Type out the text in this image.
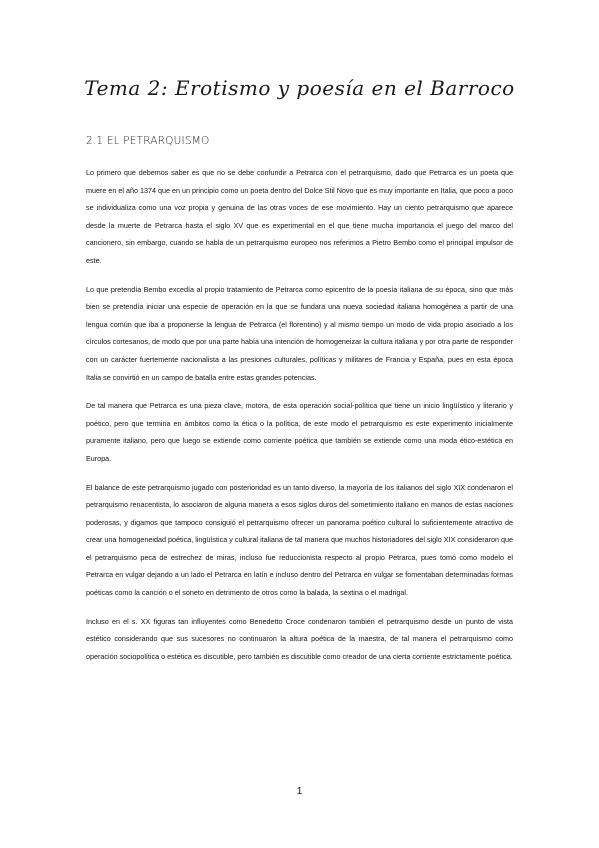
Tema 2: Erotismo y poesía en el Barroco
2.1 EL PETRARQUISMO

Lo primero que debemos saber es que no se debe confundir a Petrarca con el petrarquismo, dado que Petrarca es un poeta que muere en el año 1374 que en un principio como un poeta dentro del Dolce Stil Novo que es muy importante en Italia, que poco a poco se individualiza como una voz propia y genuina de las otras voces de ese movimiento. Hay un ciento petrarquismo que aparece desde la muerte de Petrarca hasta el siglo XV que es experimental en el que tiene mucha importancia el juego del marco del cancionero, sin embargo, cuando se habla de un petrarquismo europeo nos referimos a Pietro Bembo como el principal impulsor de este.

Lo que pretendía Bembo excedía al propio tratamiento de Petrarca como epicentro de la poesía italiana de su época, sino que más bien se pretendía iniciar una especie de operación en la que se fundara una nueva sociedad italiana homogénea a partir de una lengua común que iba a proponerse la lengua de Petrarca (el florentino) y al mismo tiempo un modo de vida propio asociado a los círculos cortesanos, de modo que por una parte había una intención de homogeneizar la cultura italiana y por otra parte de responder con un carácter fuertemente nacionalista a las presiones culturales, políticas y militares de Francia y España, pues en esta época Italia se convirtió en un campo de batalla entre estas grandes potencias.

De tal manera que Petrarca es una pieza clave, motora, de esta operación social-política que tiene un inicio lingüístico y literario y poético, pero que termina en ámbitos como la ética o la política, de este modo el petrarquismo es este experimento inicialmente puramente italiano, pero que luego se extiende como corriente poética que también se extiende como una moda ético-estética en Europa.

El balance de este petrarquismo jugado con posterioridad es un tanto diverso, la mayoría de los italianos del siglo XIX condenaron el petrarquismo renacentista, lo asociaron de alguna manera a esos siglos duros del sometimiento italiano en manos de estas naciones poderosas, y digamos que tampoco consiguió el petrarquismo ofrecer un panorama poético cultural lo suficientemente atractivo de crear una homogeneidad poética, lingüística y cultural italiana de tal manera que muchos historiadores del siglo XIX consideraron que el petrarquismo peca de estrechez de miras, incluso fue reduccionista respecto al propio Petrarca, pues tomó como modelo el Petrarca en vulgar dejando a un lado el Petrarca en latín e incluso dentro del Petrarca en vulgar se fomentaban determinadas formas poéticas como la canción o el soneto en detrimento de otros como la balada, la sextina o el madrigal.

Incluso en el s. XX figuras tan influyentes como Benedetto Croce condenaron también el petrarquismo desde un punto de vista estético considerando que sus sucesores no continuaron la altura poética de la maestra, de tal manera el petrarquismo como operación sociopolítica o estética es discutible, pero también es discutible como creador de una cierta corriente estrictamente poética.

1
